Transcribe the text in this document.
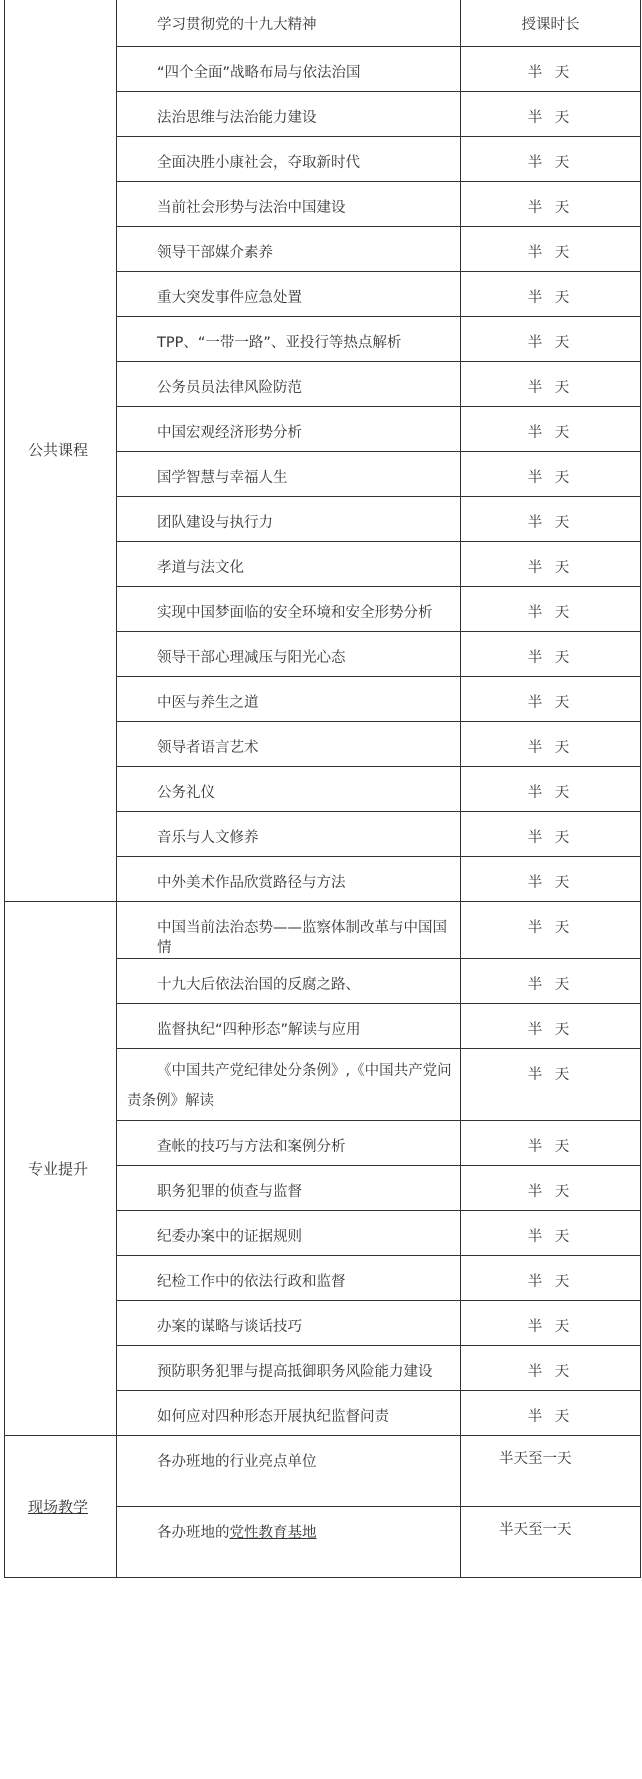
公共课程	学习贯彻党的十九大精神	授课时长
	“四个全面”战略布局与依法治国	半 天
	法治思维与法治能力建设	半 天
	全面决胜小康社会，夺取新时代	半 天
	当前社会形势与法治中国建设	半 天
	领导干部媒介素养	半 天
	重大突发事件应急处置	半 天
	TPP、“一带一路”、亚投行等热点解析	半 天
	公务员员法律风险防范	半 天
	中国宏观经济形势分析	半 天
	国学智慧与幸福人生	半 天
	团队建设与执行力	半 天
	孝道与法文化	半 天
	实现中国梦面临的安全环境和安全形势分析	半 天
	领导干部心理减压与阳光心态	半 天
	中医与养生之道	半 天
	领导者语言艺术	半 天
	公务礼仪	半 天
	音乐与人文修养	半 天
	中外美术作品欣赏路径与方法	半 天
专业提升	中国当前法治态势——监察体制改革与中国国情	半 天
	十九大后依法治国的反腐之路、	半 天
	监督执纪“四种形态”解读与应用	半 天
	《中国共产党纪律处分条例》,《中国共产党问责条例》解读	半 天
	查帐的技巧与方法和案例分析	半 天
	职务犯罪的侦查与监督	半 天
	纪委办案中的证据规则	半 天
	纪检工作中的依法行政和监督	半 天
	办案的谋略与谈话技巧	半 天
	预防职务犯罪与提高抵御职务风险能力建设	半 天
	如何应对四种形态开展执纪监督问责	半 天
现场教学	各办班地的行业亮点单位	半天至一天
	各办班地的党性教育基地	半天至一天
